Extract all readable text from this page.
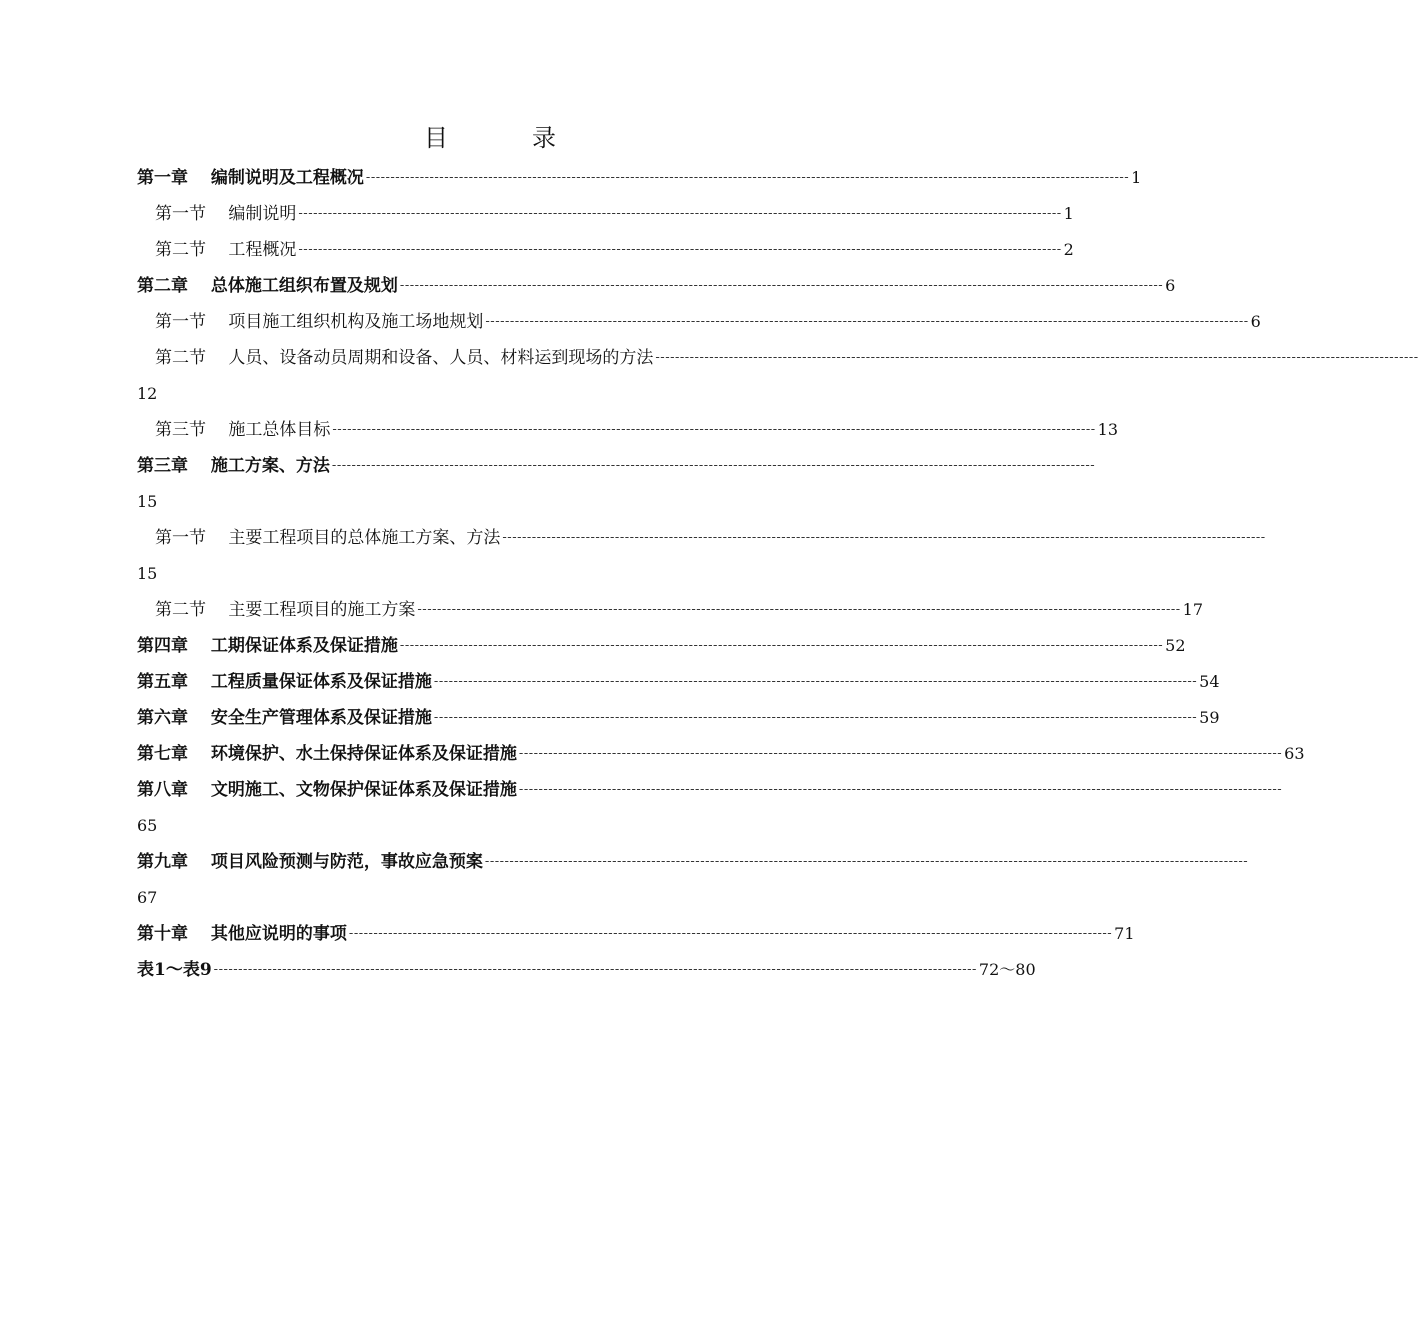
目　录
第一章　 编制说明及工程概况 ------------------------------------------------------------------------------------------------------------------------------------------------------------ 1
第一节　 编制说明 ------------------------------------------------------------------------------------------------------------------------------------------------------------ 1
第二节　 工程概况 ------------------------------------------------------------------------------------------------------------------------------------------------------------ 2
第二章　 总体施工组织布置及规划 ------------------------------------------------------------------------------------------------------------------------------------------------------------ 6
第一节　 项目施工组织机构及施工场地规划 ------------------------------------------------------------------------------------------------------------------------------------------------------------ 6
第二节　 人员、设备动员周期和设备、人员、材料运到现场的方法 ------------------------------------------------------------------------------------------------------------------------------------------------------------
12
第三节　 施工总体目标 ------------------------------------------------------------------------------------------------------------------------------------------------------------ 13
第三章　 施工方案、方法 ------------------------------------------------------------------------------------------------------------------------------------------------------------
15
第一节　 主要工程项目的总体施工方案、方法 ------------------------------------------------------------------------------------------------------------------------------------------------------------
15
第二节　 主要工程项目的施工方案 ------------------------------------------------------------------------------------------------------------------------------------------------------------ 17
第四章　 工期保证体系及保证措施 ------------------------------------------------------------------------------------------------------------------------------------------------------------ 52
第五章　 工程质量保证体系及保证措施 ------------------------------------------------------------------------------------------------------------------------------------------------------------ 54
第六章　 安全生产管理体系及保证措施 ------------------------------------------------------------------------------------------------------------------------------------------------------------ 59
第七章　 环境保护、水土保持保证体系及保证措施 ------------------------------------------------------------------------------------------------------------------------------------------------------------ 63
第八章　 文明施工、文物保护保证体系及保证措施 ------------------------------------------------------------------------------------------------------------------------------------------------------------
65
第九章　 项目风险预测与防范，事故应急预案 ------------------------------------------------------------------------------------------------------------------------------------------------------------
67
第十章　 其他应说明的事项 ------------------------------------------------------------------------------------------------------------------------------------------------------------ 71
表1～表9 ------------------------------------------------------------------------------------------------------------------------------------------------------------ 72～80
